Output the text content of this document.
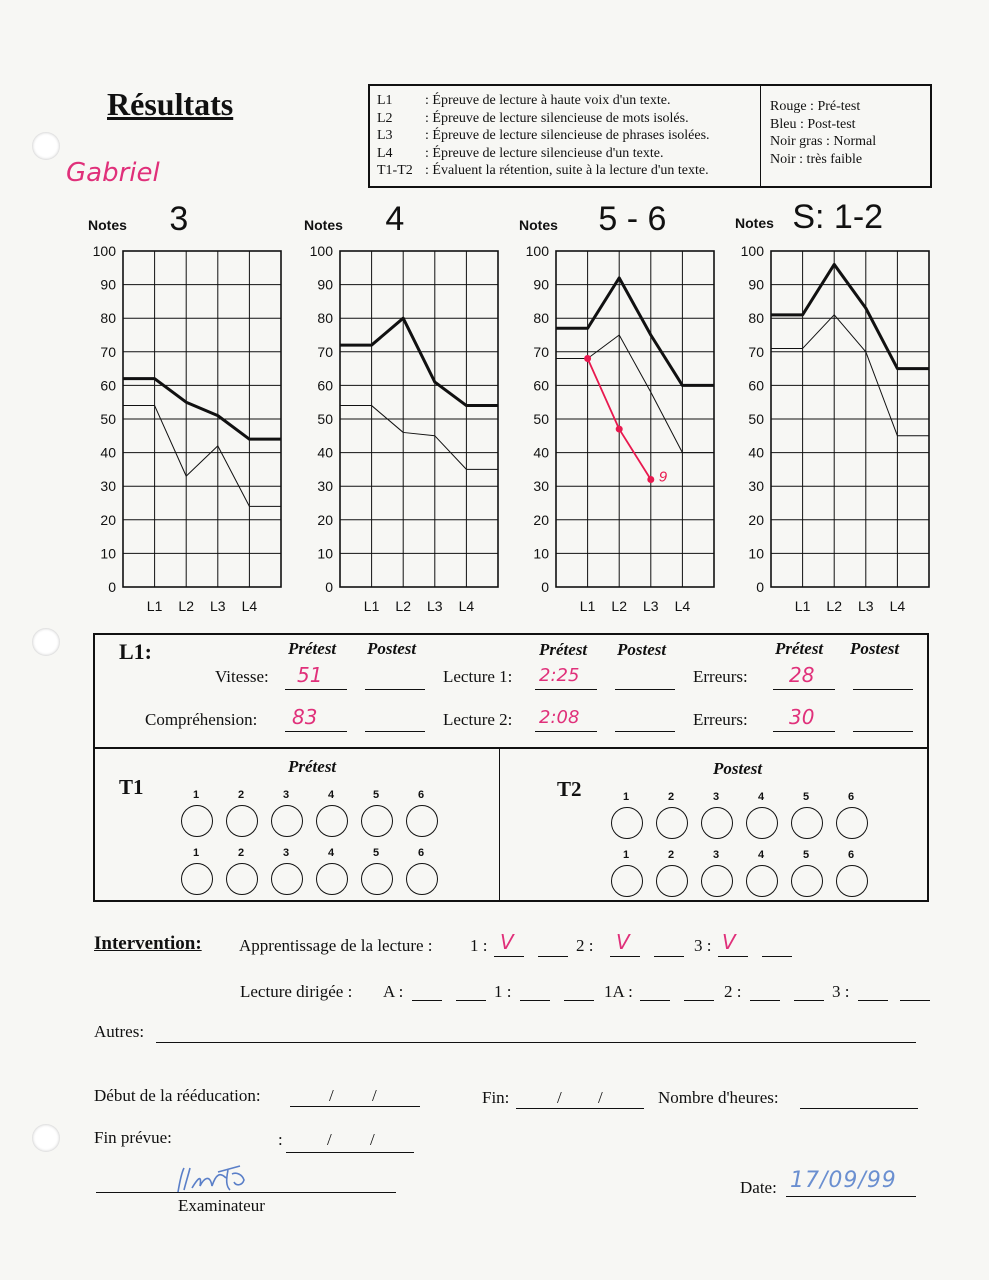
Résultats
Gabriel
L1	: Épreuve de lecture à haute voix d'un texte.
L2	: Épreuve de lecture silencieuse de mots isolés.
L3	: Épreuve de lecture silencieuse de phrases isolées.
L4	: Épreuve de lecture silencieuse d'un texte.
T1-T2 : Évaluent la rétention, suite à la lecture d'un texte.
Rouge : Pré-test
Bleu : Post-test
Noir gras : Normal
Noir : très faible
Notes 3	Notes 4	Notes 5 - 6	Notes S: 1-2
0
10
20
30
40
50
60
70
80
90
100
L1 L2 L3 L4
0
10
20
30
40
50
60
70
80
90
100
L1 L2 L3 L4
0
10
20
30
40
50
60
70
80
90
100
L1 L2 L3 L4
9
0
10
20
30
40
50
60
70
80
90
100
L1 L2 L3 L4
L1:	Prétest Postest	Prétest Postest	Prétest Postest
Vitesse: 51	Lecture 1: 2:25	Erreurs: 28
Compréhension: 83	Lecture 2: 2:08	Erreurs: 30
T1
Prétest
T2
Postest
1	2	3	4	5	6
1	2	3	4	5	6
1	2	3	4	5	6
1	2	3	4	5	6
Intervention: Apprentissage de la lecture : 1 : V	2 : V	3 : V
Lecture dirigée : A :	1 :	1A :	2 :	3 :
Autres:
Début de la rééducation:	/ /	Fin:	/ /	Nombre d'heures:
Fin prévue:	:	/ /
Examinateur
Date: 17/09/99
